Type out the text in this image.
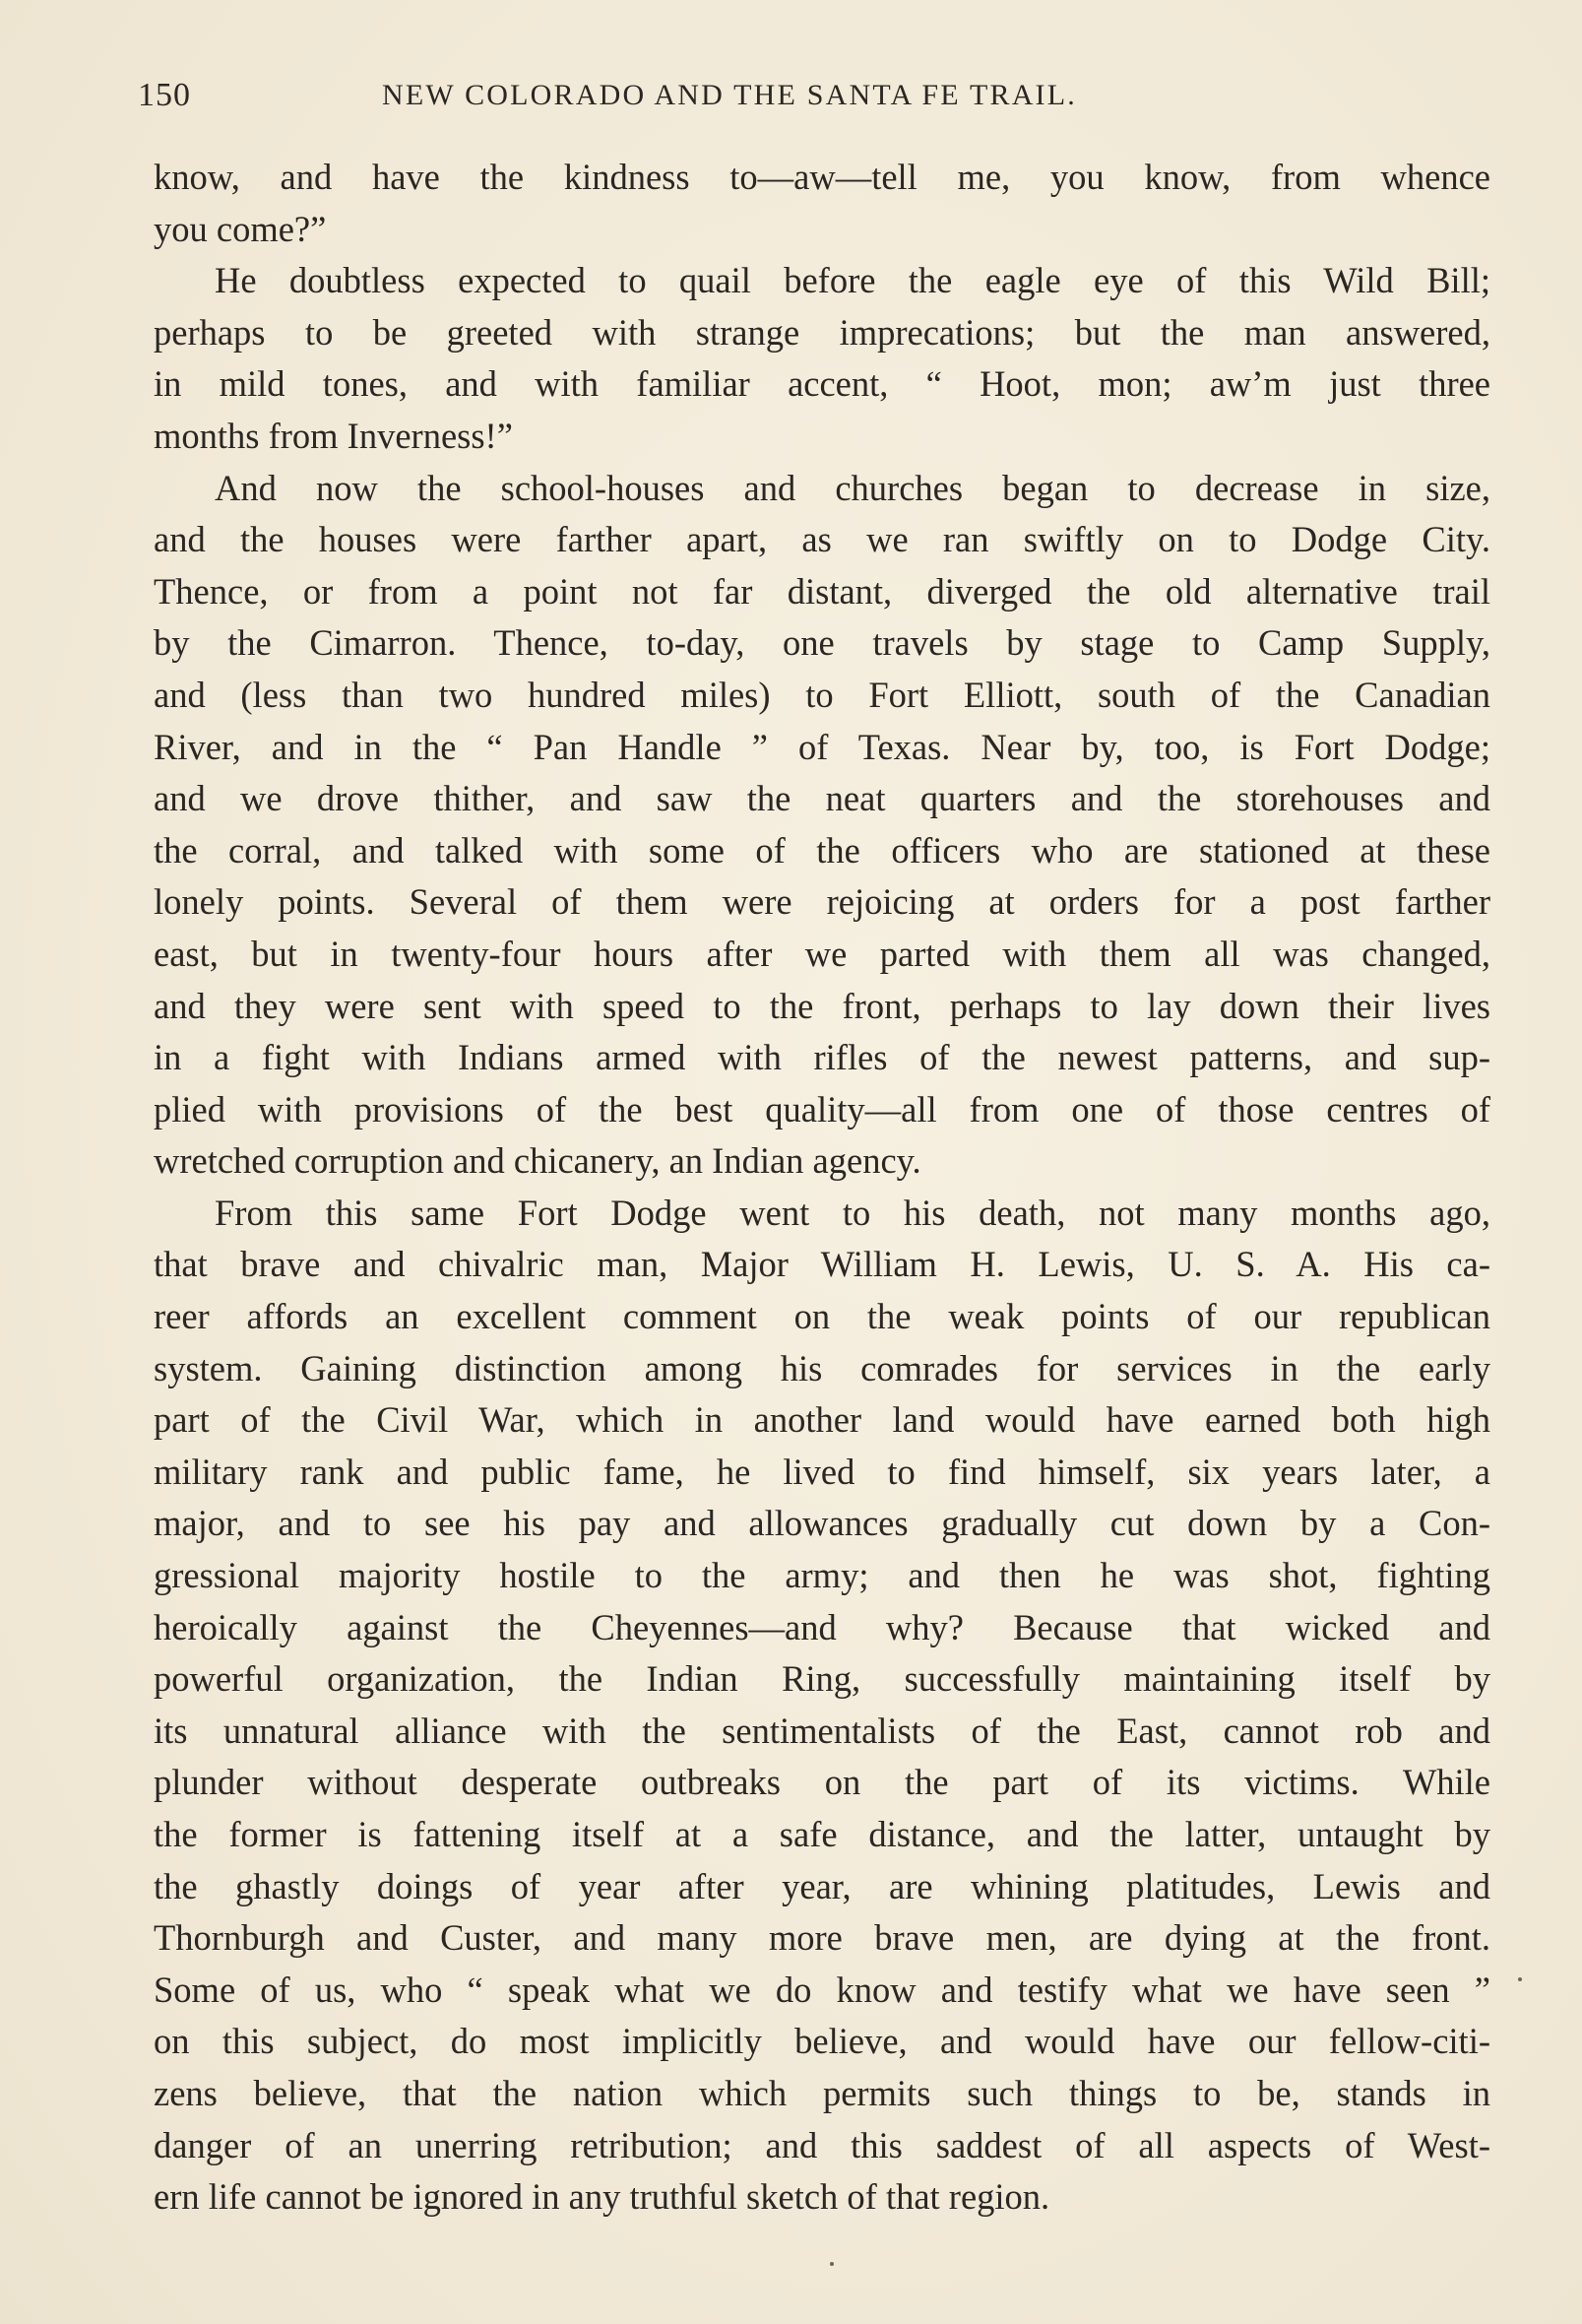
150	NEW COLORADO AND THE SANTA FE TRAIL.
know, and have the kindness to—aw—tell me, you know, from whence
you come?”
He doubtless expected to quail before the eagle eye of this Wild Bill;
perhaps to be greeted with strange imprecations; but the man answered,
in mild tones, and with familiar accent, “ Hoot, mon; aw’m just three
months from Inverness!”
And now the school-houses and churches began to decrease in size,
and the houses were farther apart, as we ran swiftly on to Dodge City.
Thence, or from a point not far distant, diverged the old alternative trail
by the Cimarron. Thence, to-day, one travels by stage to Camp Supply,
and (less than two hundred miles) to Fort Elliott, south of the Canadian
River, and in the “ Pan Handle ” of Texas. Near by, too, is Fort Dodge;
and we drove thither, and saw the neat quarters and the storehouses and
the corral, and talked with some of the officers who are stationed at these
lonely points. Several of them were rejoicing at orders for a post farther
east, but in twenty-four hours after we parted with them all was changed,
and they were sent with speed to the front, perhaps to lay down their lives
in a fight with Indians armed with rifles of the newest patterns, and sup-
plied with provisions of the best quality—all from one of those centres of
wretched corruption and chicanery, an Indian agency.
From this same Fort Dodge went to his death, not many months ago,
that brave and chivalric man, Major William H. Lewis, U. S. A. His ca-
reer affords an excellent comment on the weak points of our republican
system. Gaining distinction among his comrades for services in the early
part of the Civil War, which in another land would have earned both high
military rank and public fame, he lived to find himself, six years later, a
major, and to see his pay and allowances gradually cut down by a Con-
gressional majority hostile to the army; and then he was shot, fighting
heroically against the Cheyennes—and why? Because that wicked and
powerful organization, the Indian Ring, successfully maintaining itself by
its unnatural alliance with the sentimentalists of the East, cannot rob and
plunder without desperate outbreaks on the part of its victims. While
the former is fattening itself at a safe distance, and the latter, untaught by
the ghastly doings of year after year, are whining platitudes, Lewis and
Thornburgh and Custer, and many more brave men, are dying at the front.
Some of us, who “ speak what we do know and testify what we have seen ”
on this subject, do most implicitly believe, and would have our fellow-citi-
zens believe, that the nation which permits such things to be, stands in
danger of an unerring retribution; and this saddest of all aspects of West-
ern life cannot be ignored in any truthful sketch of that region.
